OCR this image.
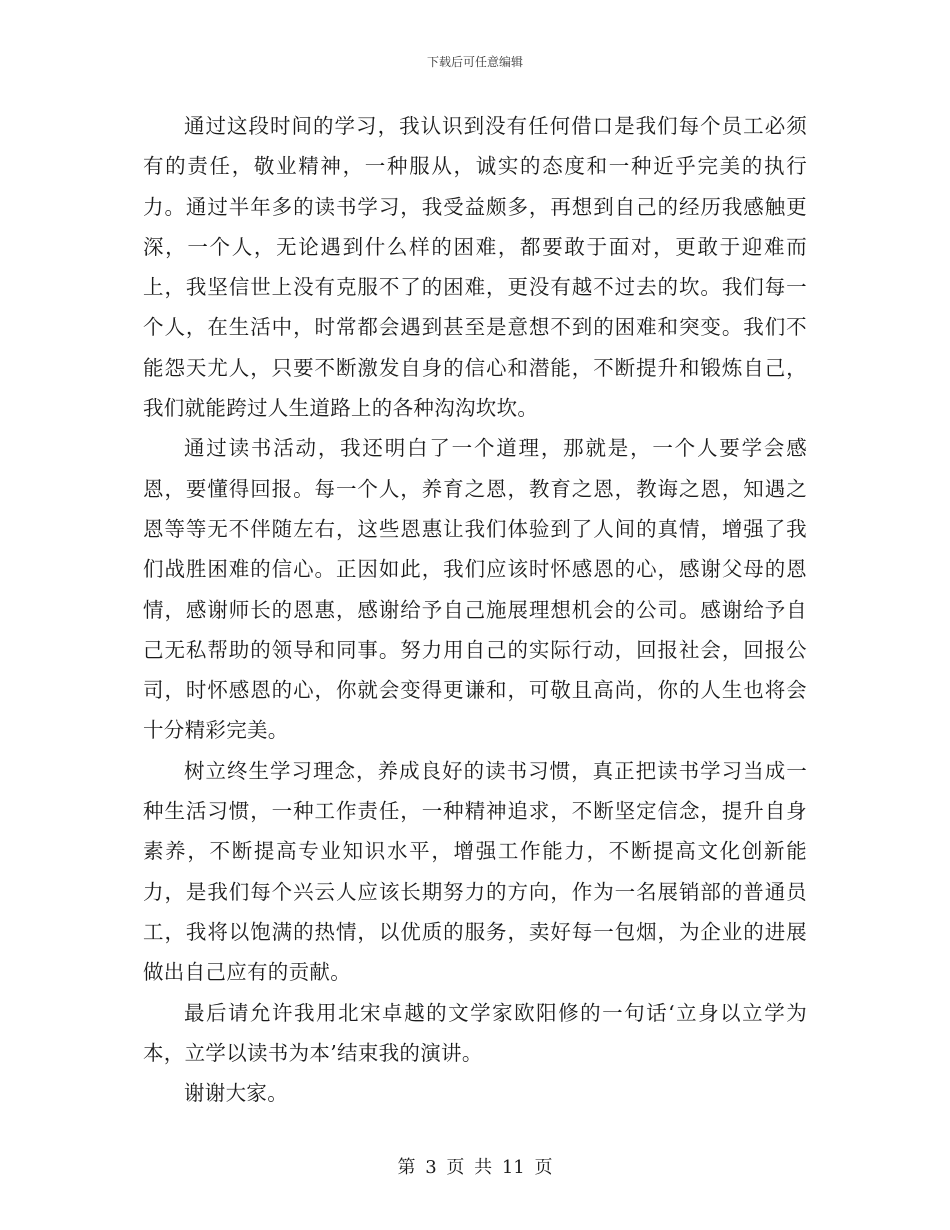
下载后可任意编辑

通过这段时间的学习，我认识到没有任何借口是我们每个员工必须有的责任，敬业精神，一种服从，诚实的态度和一种近乎完美的执行力。通过半年多的读书学习，我受益颇多，再想到自己的经历我感触更深，一个人，无论遇到什么样的困难，都要敢于面对，更敢于迎难而上，我坚信世上没有克服不了的困难，更没有越不过去的坎。我们每一个人，在生活中，时常都会遇到甚至是意想不到的困难和突变。我们不能怨天尤人，只要不断激发自身的信心和潜能，不断提升和锻炼自己，我们就能跨过人生道路上的各种沟沟坎坎。

通过读书活动，我还明白了一个道理，那就是，一个人要学会感恩，要懂得回报。每一个人，养育之恩，教育之恩，教诲之恩，知遇之恩等等无不伴随左右，这些恩惠让我们体验到了人间的真情，增强了我们战胜困难的信心。正因如此，我们应该时怀感恩的心，感谢父母的恩情，感谢师长的恩惠，感谢给予自己施展理想机会的公司。感谢给予自己无私帮助的领导和同事。努力用自己的实际行动，回报社会，回报公司，时怀感恩的心，你就会变得更谦和，可敬且高尚，你的人生也将会十分精彩完美。

树立终生学习理念，养成良好的读书习惯，真正把读书学习当成一种生活习惯，一种工作责任，一种精神追求，不断坚定信念，提升自身素养，不断提高专业知识水平，增强工作能力，不断提高文化创新能力，是我们每个兴云人应该长期努力的方向，作为一名展销部的普通员工，我将以饱满的热情，以优质的服务，卖好每一包烟，为企业的进展做出自己应有的贡献。

最后请允许我用北宋卓越的文学家欧阳修的一句话‘立身以立学为本，立学以读书为本’结束我的演讲。

谢谢大家。

第 3 页 共 11 页
